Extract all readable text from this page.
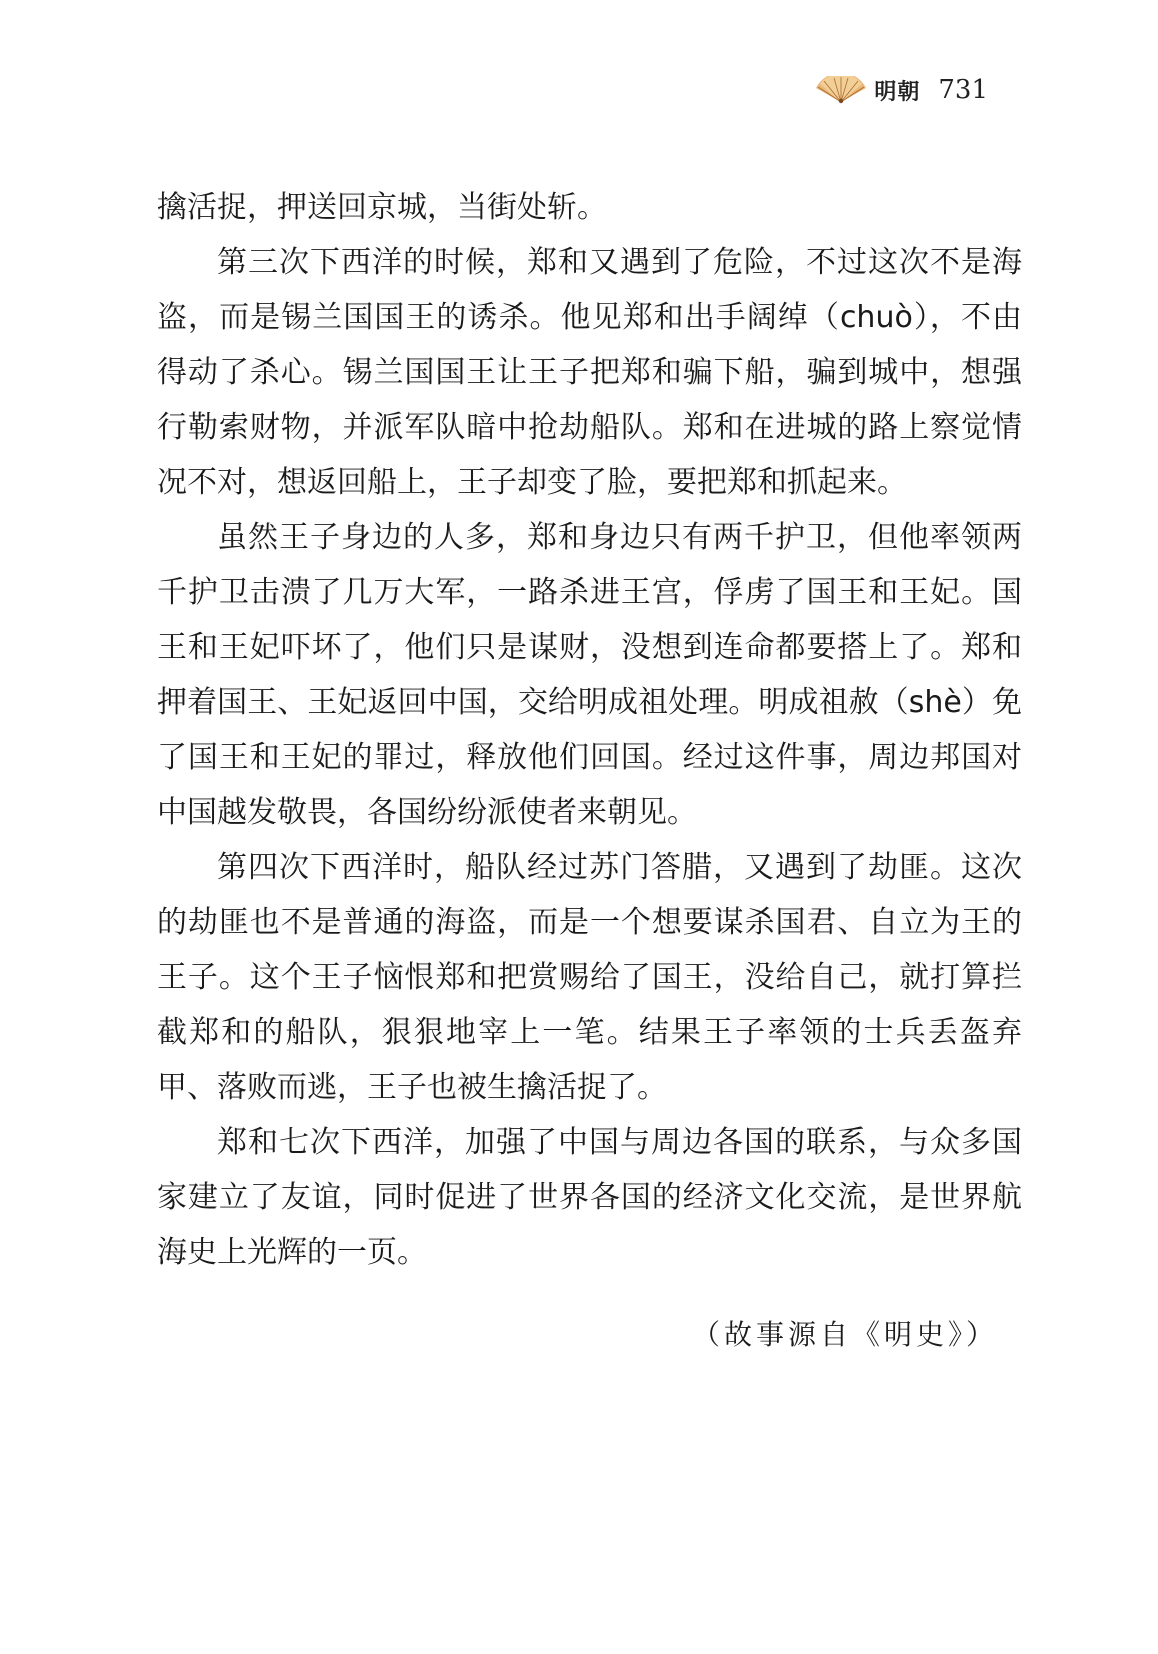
明朝 731

擒活捉，押送回京城，当街处斩。

第三次下西洋的时候，郑和又遇到了危险，不过这次不是海盗，而是锡兰国国王的诱杀。他见郑和出手阔绰（chuò），不由得动了杀心。锡兰国国王让王子把郑和骗下船，骗到城中，想强行勒索财物，并派军队暗中抢劫船队。郑和在进城的路上察觉情况不对，想返回船上，王子却变了脸，要把郑和抓起来。

虽然王子身边的人多，郑和身边只有两千护卫，但他率领两千护卫击溃了几万大军，一路杀进王宫，俘虏了国王和王妃。国王和王妃吓坏了，他们只是谋财，没想到连命都要搭上了。郑和押着国王、王妃返回中国，交给明成祖处理。明成祖赦（shè）免了国王和王妃的罪过，释放他们回国。经过这件事，周边邦国对中国越发敬畏，各国纷纷派使者来朝见。

第四次下西洋时，船队经过苏门答腊，又遇到了劫匪。这次的劫匪也不是普通的海盗，而是一个想要谋杀国君、自立为王的王子。这个王子恼恨郑和把赏赐给了国王，没给自己，就打算拦截郑和的船队，狠狠地宰上一笔。结果王子率领的士兵丢盔弃甲、落败而逃，王子也被生擒活捉了。

郑和七次下西洋，加强了中国与周边各国的联系，与众多国家建立了友谊，同时促进了世界各国的经济文化交流，是世界航海史上光辉的一页。

（故事源自《明史》）
